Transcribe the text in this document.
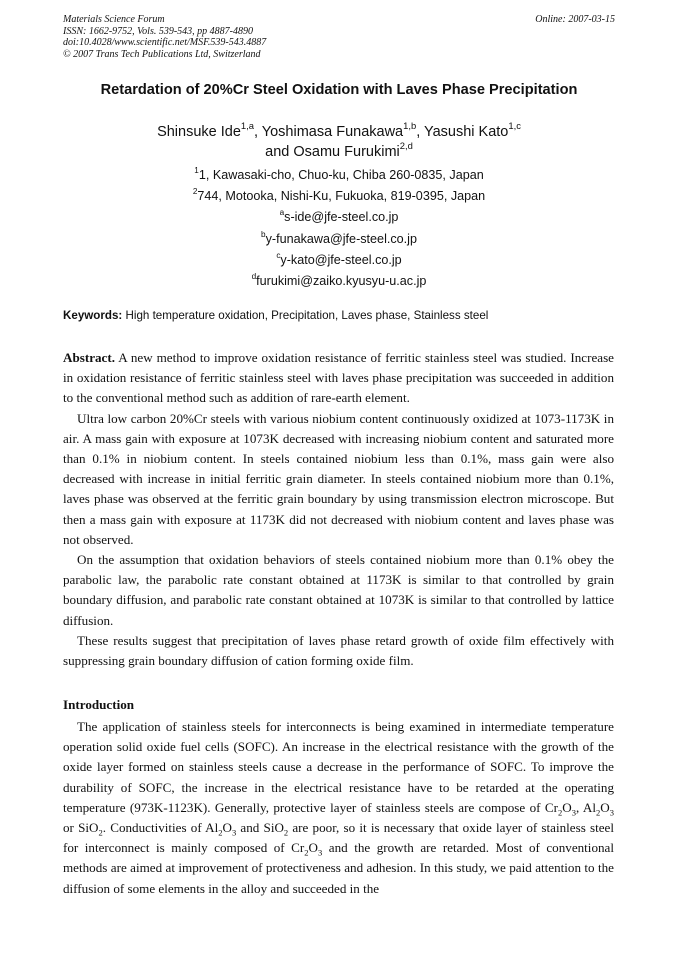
Materials Science Forum
ISSN: 1662-9752, Vols. 539-543, pp 4887-4890
doi:10.4028/www.scientific.net/MSF.539-543.4887
© 2007 Trans Tech Publications Ltd, Switzerland
Online: 2007-03-15
Retardation of 20%Cr Steel Oxidation with Laves Phase Precipitation
Shinsuke Ide$^{1,a}$, Yoshimasa Funakawa$^{1,b}$, Yasushi Kato$^{1,c}$
and Osamu Furukimi$^{2,d}$
$^1$1, Kawasaki-cho, Chuo-ku, Chiba 260-0835, Japan
$^2$744, Motooka, Nishi-Ku, Fukuoka, 819-0395, Japan
$^a$s-ide@jfe-steel.co.jp
$^b$y-funakawa@jfe-steel.co.jp
$^c$y-kato@jfe-steel.co.jp
$^d$furukimi@zaiko.kyusyu-u.ac.jp
Keywords: High temperature oxidation, Precipitation, Laves phase, Stainless steel

Abstract. A new method to improve oxidation resistance of ferritic stainless steel was studied. Increase in oxidation resistance of ferritic stainless steel with laves phase precipitation was succeeded in addition to the conventional method such as addition of rare-earth element.

Ultra low carbon 20%Cr steels with various niobium content continuously oxidized at 1073-1173K in air. A mass gain with exposure at 1073K decreased with increasing niobium content and saturated more than 0.1% in niobium content. In steels contained niobium less than 0.1%, mass gain were also decreased with increase in initial ferritic grain diameter. In steels contained niobium more than 0.1%, laves phase was observed at the ferritic grain boundary by using transmission electron microscope. But then a mass gain with exposure at 1173K did not decreased with niobium content and laves phase was not observed.

On the assumption that oxidation behaviors of steels contained niobium more than 0.1% obey the parabolic law, the parabolic rate constant obtained at 1173K is similar to that controlled by grain boundary diffusion, and parabolic rate constant obtained at 1073K is similar to that controlled by lattice diffusion.

These results suggest that precipitation of laves phase retard growth of oxide film effectively with suppressing grain boundary diffusion of cation forming oxide film.

Introduction

The application of stainless steels for interconnects is being examined in intermediate temperature operation solid oxide fuel cells (SOFC). An increase in the electrical resistance with the growth of the oxide layer formed on stainless steels cause a decrease in the performance of SOFC. To improve the durability of SOFC, the increase in the electrical resistance have to be retarded at the operating temperature (973K-1123K). Generally, protective layer of stainless steels are compose of $Cr_2O_3$, $Al_2O_3$ or SiO$_2$. Conductivities of $Al_2O_3$ and SiO$_2$ are poor, so it is necessary that oxide layer of stainless steel for interconnect is mainly composed of $Cr_2O_3$ and the growth are retarded. Most of conventional methods are aimed at improvement of protectiveness and adhesion. In this study, we paid attention to the diffusion of some elements in the alloy and succeeded in the
